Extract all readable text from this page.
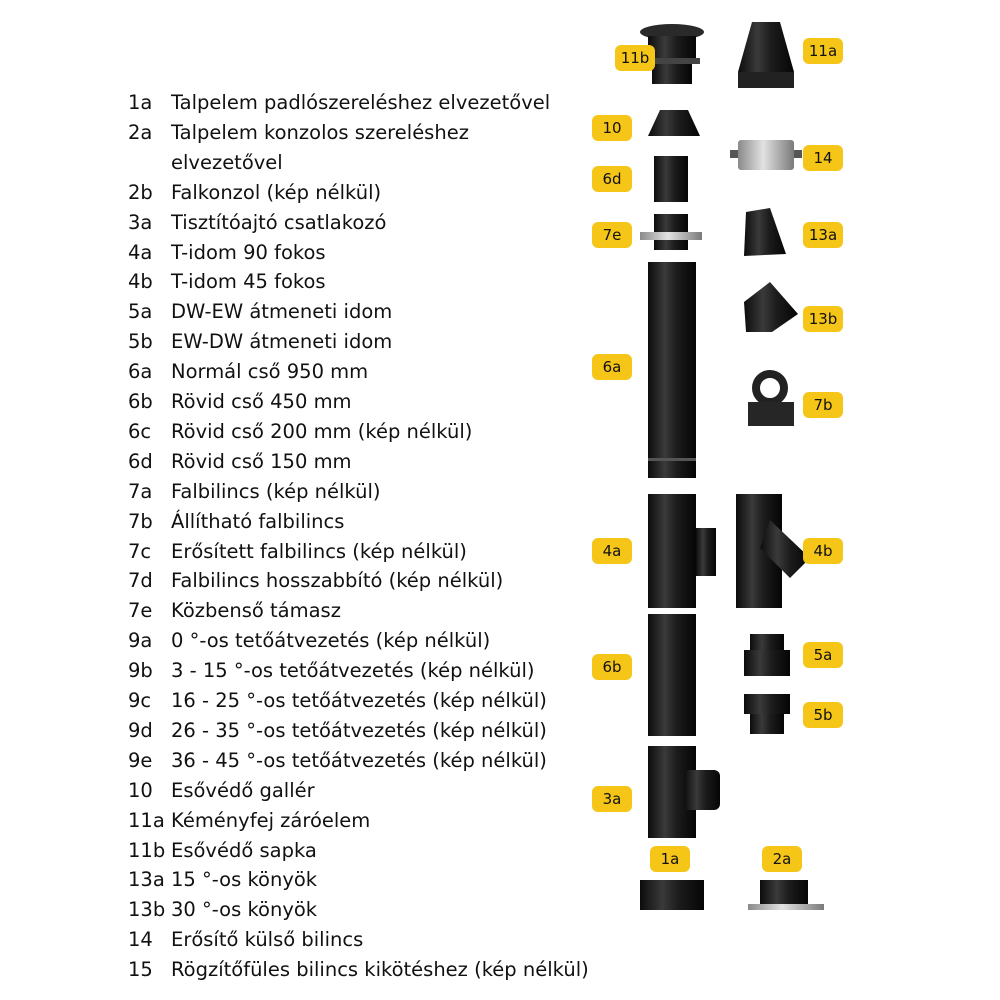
1a Talpelem padlószereléshez elvezetővel
2a Talpelem konzolos szereléshez
elvezetővel
2b Falkonzol (kép nélkül)
3a Tisztítóajtó csatlakozó
4a T-idom 90 fokos
4b T-idom 45 fokos
5a DW-EW átmeneti idom
5b EW-DW átmeneti idom
6a Normál cső 950 mm
6b Rövid cső 450 mm
6c Rövid cső 200 mm (kép nélkül)
6d Rövid cső 150 mm
7a Falbilincs (kép nélkül)
7b Állítható falbilincs
7c Erősített falbilincs (kép nélkül)
7d Falbilincs hosszabbító (kép nélkül)
7e Közbenső támasz
9a 0 °-os tetőátvezetés (kép nélkül)
9b 3 - 15 °-os tetőátvezetés (kép nélkül)
9c 16 - 25 °-os tetőátvezetés (kép nélkül)
9d 26 - 35 °-os tetőátvezetés (kép nélkül)
9e 36 - 45 °-os tetőátvezetés (kép nélkül)
10 Esővédő gallér
11a Kéményfej záróelem
11b Esővédő sapka
13a 15 °-os könyök
13b 30 °-os könyök
14 Erősítő külső bilincs
15 Rögzítőfüles bilincs kikötéshez (kép nélkül)
11b	11a
10
14
6d
7e	13a
13b
6a
7b
4a	4b
5a
6b
5b
3a
1a	2a
